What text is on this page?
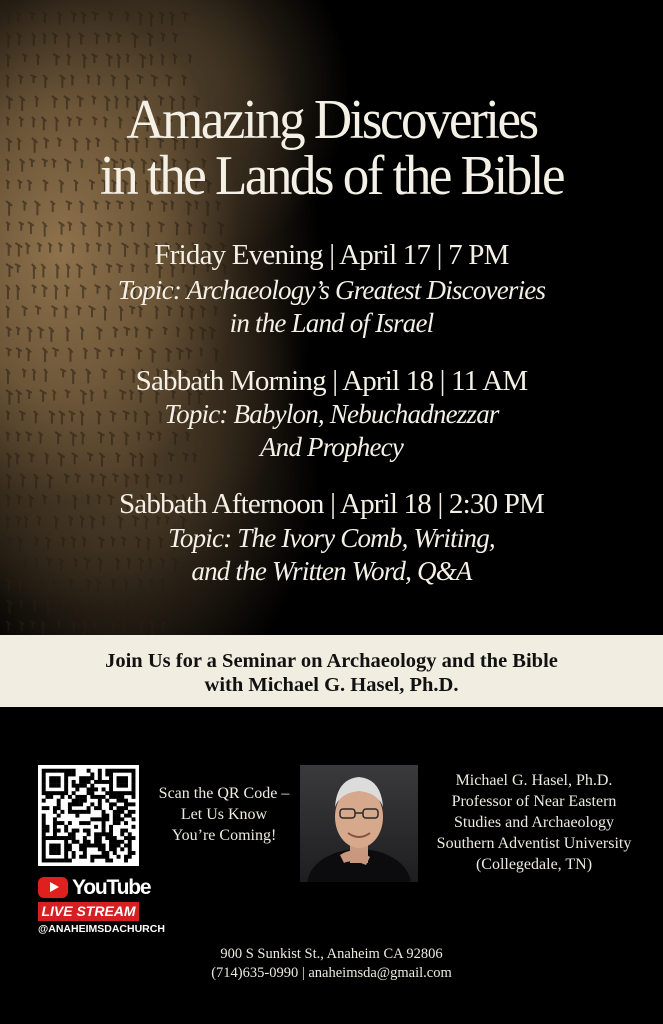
Amazing Discoveries
in the Lands of the Bible
Friday Evening | April 17 | 7 PM
Topic: Archaeology’s Greatest Discoveries
in the Land of Israel
Sabbath Morning | April 18 | 11 AM
Topic: Babylon, Nebuchadnezzar
And Prophecy
Sabbath Afternoon | April 18 | 2:30 PM
Topic: The Ivory Comb, Writing,
and the Written Word, Q&A
Join Us for a Seminar on Archaeology and the Bible
with Michael G. Hasel, Ph.D.
Scan the QR Code –
Let Us Know
You’re Coming!
Michael G. Hasel, Ph.D.
Professor of Near Eastern
Studies and Archaeology
Southern Adventist University
(Collegedale, TN)
YouTube
LIVE STREAM
@ANAHEIMSDACHURCH
900 S Sunkist St., Anaheim CA 92806
(714)635-0990 | anaheimsda@gmail.com
